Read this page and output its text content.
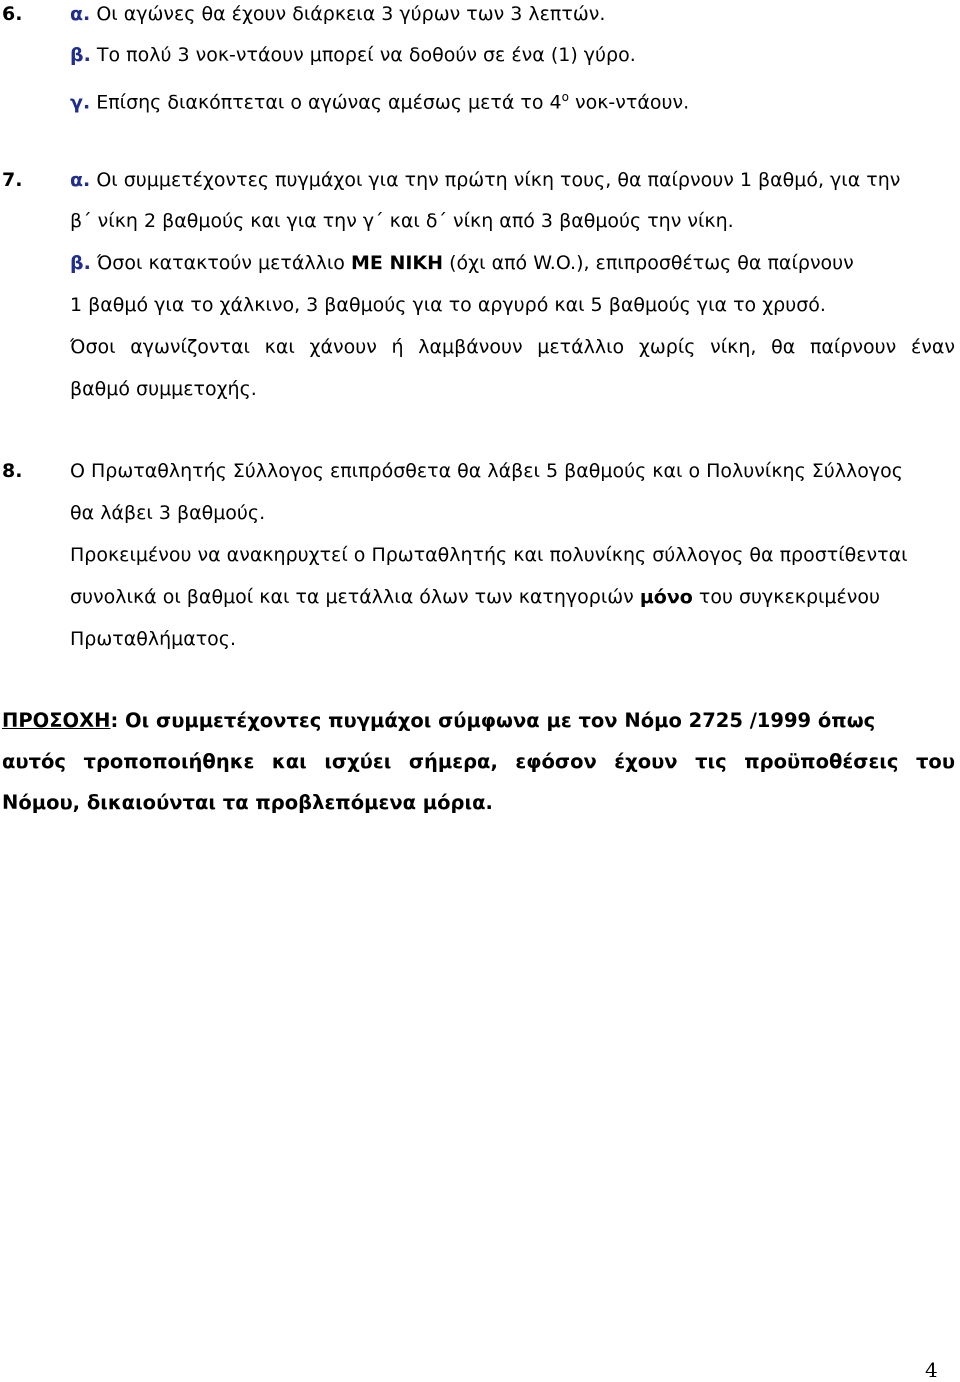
6.	α. Οι αγώνες θα έχουν διάρκεια 3 γύρων των 3 λεπτών.
β. Το πολύ 3 νοκ-ντάουν μπορεί να δοθούν σε ένα (1) γύρο.
γ. Επίσης διακόπτεται ο αγώνας αμέσως μετά το $4^o$ νοκ-ντάουν.
7.	α. Οι συμμετέχοντες πυγμάχοι για την πρώτη νίκη τους, θα παίρνουν 1 βαθμό, για την
β΄ νίκη 2 βαθμούς και για την γ΄ και δ΄ νίκη από 3 βαθμούς την νίκη.
β. Όσοι κατακτούν μετάλλιο ΜΕ ΝΙΚΗ (όχι από W.O.), επιπροσθέτως θα παίρνουν
1 βαθμό για το χάλκινο, 3 βαθμούς για το αργυρό και 5 βαθμούς για το χρυσό.
Όσοι αγωνίζονται και χάνουν ή λαμβάνουν μετάλλιο χωρίς νίκη, θα παίρνουν έναν
βαθμό συμμετοχής.
8.	Ο Πρωταθλητής Σύλλογος επιπρόσθετα θα λάβει 5 βαθμούς και ο Πολυνίκης Σύλλογος
θα λάβει 3 βαθμούς.
Προκειμένου να ανακηρυχτεί ο Πρωταθλητής και πολυνίκης σύλλογος θα προστίθενται
συνολικά οι βαθμοί και τα μετάλλια όλων των κατηγοριών μόνο του συγκεκριμένου
Πρωταθλήματος.
ΠΡΟΣΟΧΗ: Οι συμμετέχοντες πυγμάχοι σύμφωνα με τον Νόμο 2725 /1999 όπως
αυτός τροποποιήθηκε και ισχύει σήμερα, εφόσον έχουν τις προϋποθέσεις του
Νόμου, δικαιούνται τα προβλεπόμενα μόρια.
4
